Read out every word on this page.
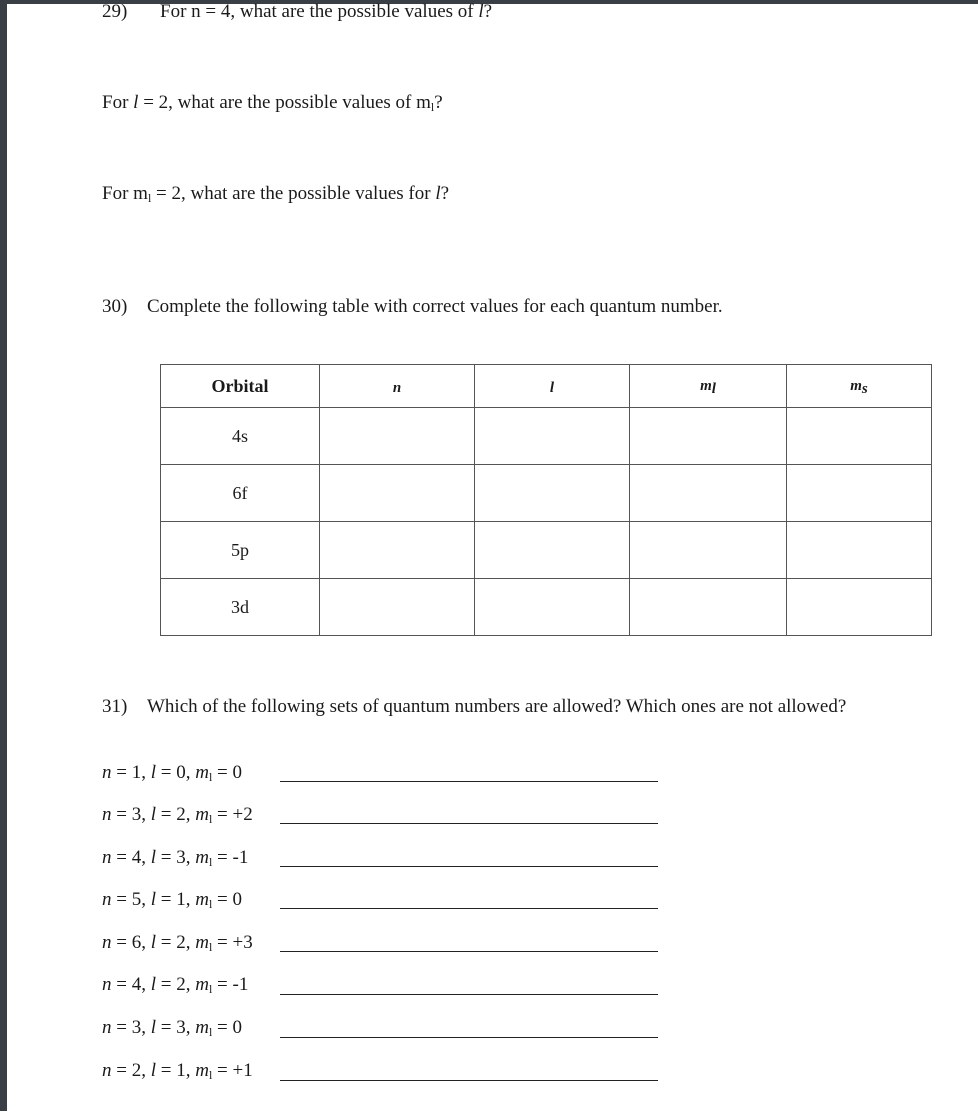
29) For n = 4, what are the possible values of l?
For l = 2, what are the possible values of $m_l$?
For $m_l = 2$, what are the possible values for l?
30) Complete the following table with correct values for each quantum number.
Orbital	n	l	$m_l$	$m_s$
4s				
6f				
5p				
3d				
31) Which of the following sets of quantum numbers are allowed? Which ones are not allowed?
n = 1, l = 0, $m_l = 0$
n = 3, l = 2, $m_l = +2$
n = 4, l = 3, $m_l = -1$
n = 5, l = 1, $m_l = 0$
n = 6, l = 2, $m_l = +3$
n = 4, l = 2, $m_l = -1$
n = 3, l = 3, $m_l = 0$
n = 2, l = 1, $m_l = +1$
